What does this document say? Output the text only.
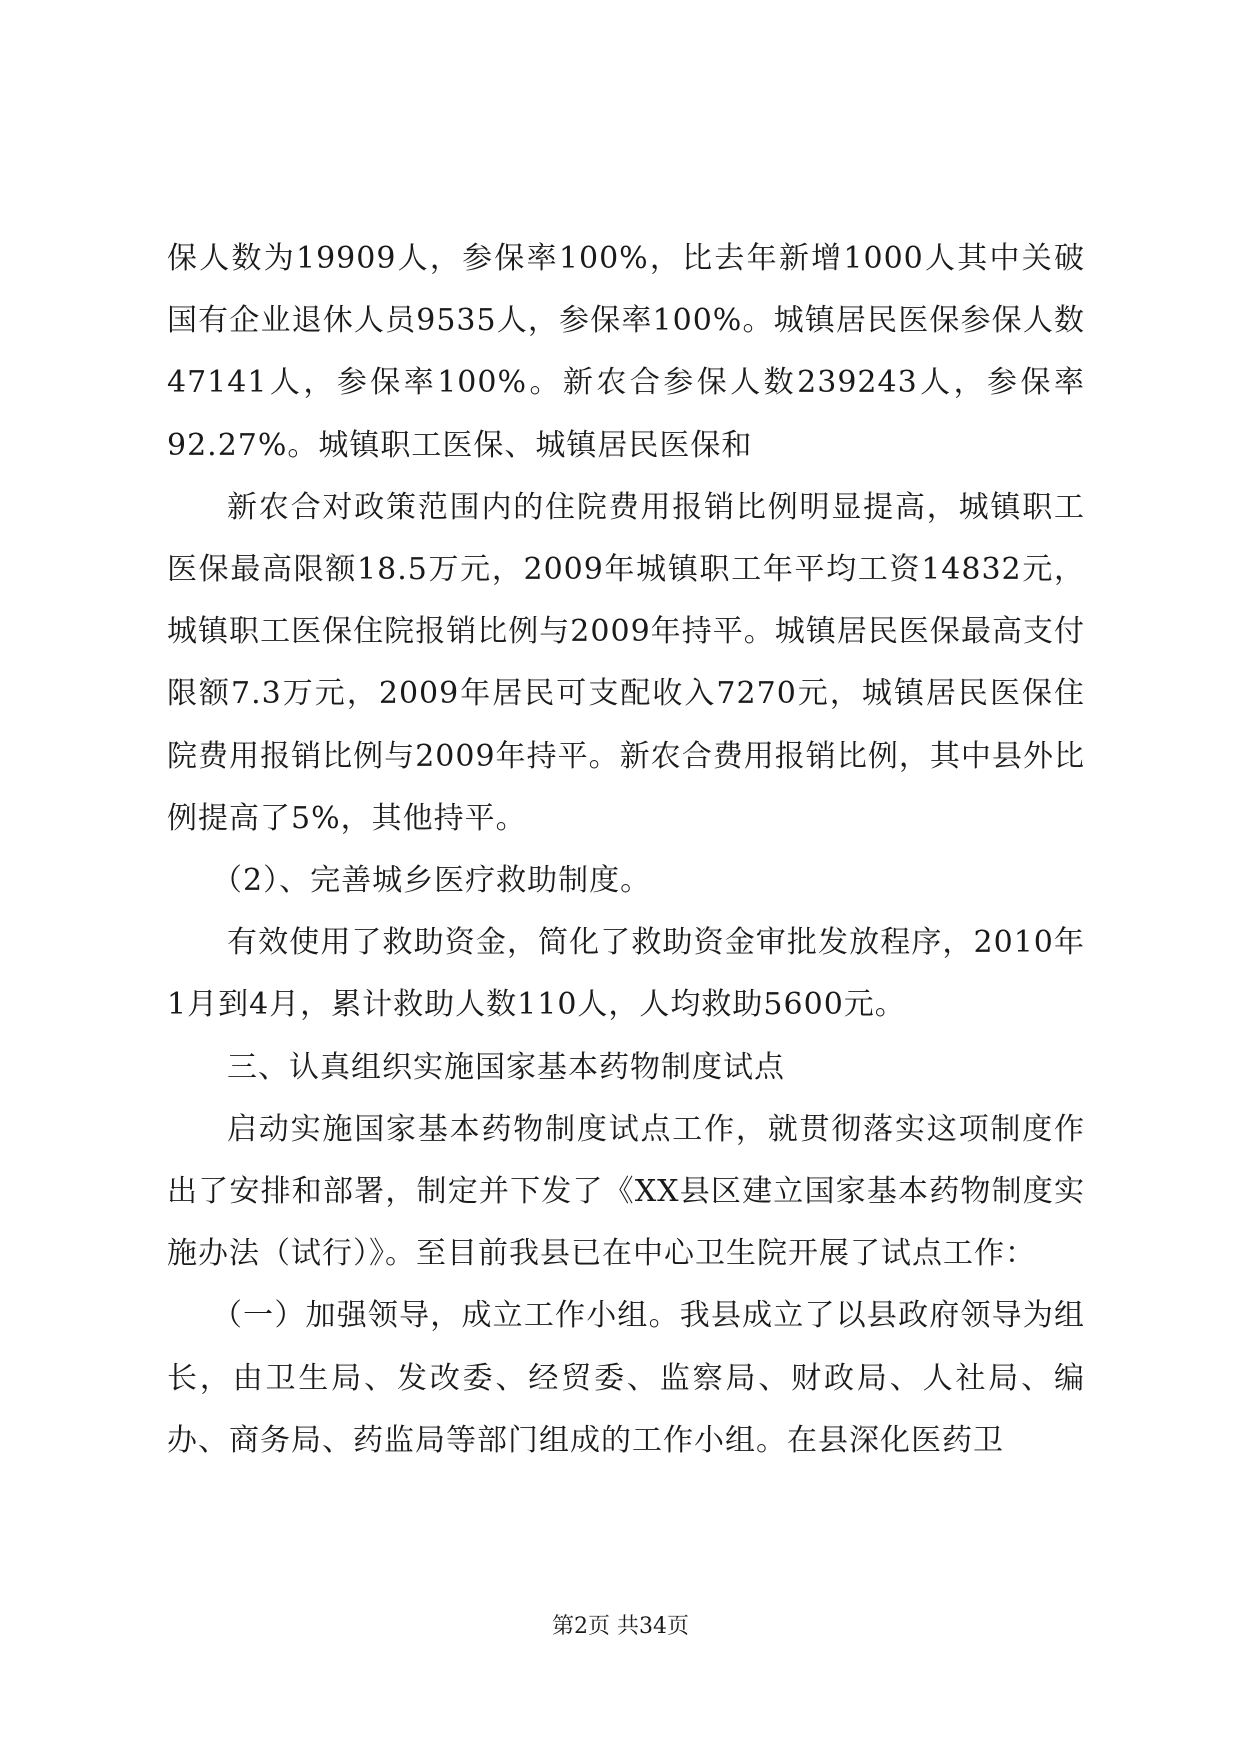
保人数为19909人，参保率100%，比去年新增1000人其中关破国有企业退休人员9535人，参保率100%。城镇居民医保参保人数47141人，参保率100%。新农合参保人数239243人，参保率92.27%。城镇职工医保、城镇居民医保和

新农合对政策范围内的住院费用报销比例明显提高，城镇职工医保最高限额18.5万元，2009年城镇职工年平均工资14832元，城镇职工医保住院报销比例与2009年持平。城镇居民医保最高支付限额7.3万元，2009年居民可支配收入7270元，城镇居民医保住院费用报销比例与2009年持平。新农合费用报销比例，其中县外比例提高了5%，其他持平。

（2）、完善城乡医疗救助制度。

有效使用了救助资金，简化了救助资金审批发放程序，2010年1月到4月，累计救助人数110人，人均救助5600元。

三、认真组织实施国家基本药物制度试点

启动实施国家基本药物制度试点工作，就贯彻落实这项制度作出了安排和部署，制定并下发了《XX县区建立国家基本药物制度实施办法（试行）》。至目前我县已在中心卫生院开展了试点工作：

（一）加强领导，成立工作小组。我县成立了以县政府领导为组长，由卫生局、发改委、经贸委、监察局、财政局、人社局、编办、商务局、药监局等部门组成的工作小组。在县深化医药卫

第2页 共34页
